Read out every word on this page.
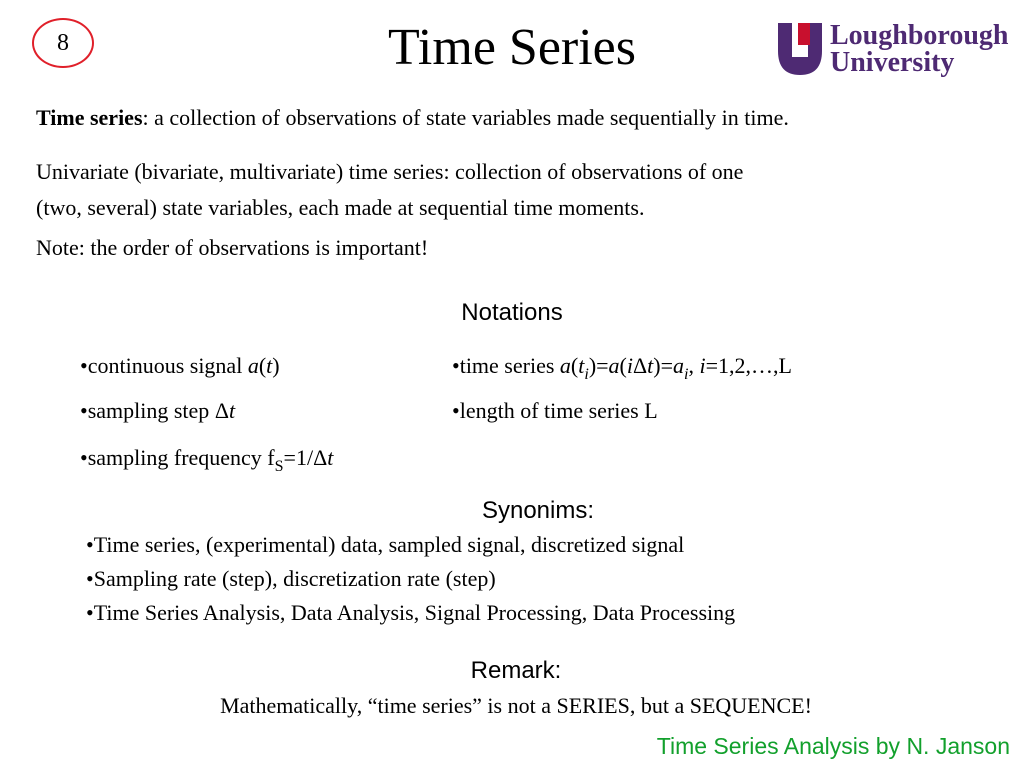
8	Time Series	Loughborough
University
Time series: a collection of observations of state variables made sequentially in time.
Univariate (bivariate, multivariate) time series: collection of observations of one
(two, several) state variables, each made at sequential time moments.
Note: the order of observations is important!
Notations
•continuous signal a(t)
•sampling step Δt
•sampling frequency $f_S=1/\Delta t$
•time series $a(t_i)=a(i\Delta t)=a_i$, i=1,2,…,L
•length of time series L
Synonims:
•Time series, (experimental) data, sampled signal, discretized signal
•Sampling rate (step), discretization rate (step)
•Time Series Analysis, Data Analysis, Signal Processing, Data Processing
Remark:
Mathematically, “time series” is not a SERIES, but a SEQUENCE!
Time Series Analysis by N. Janson
